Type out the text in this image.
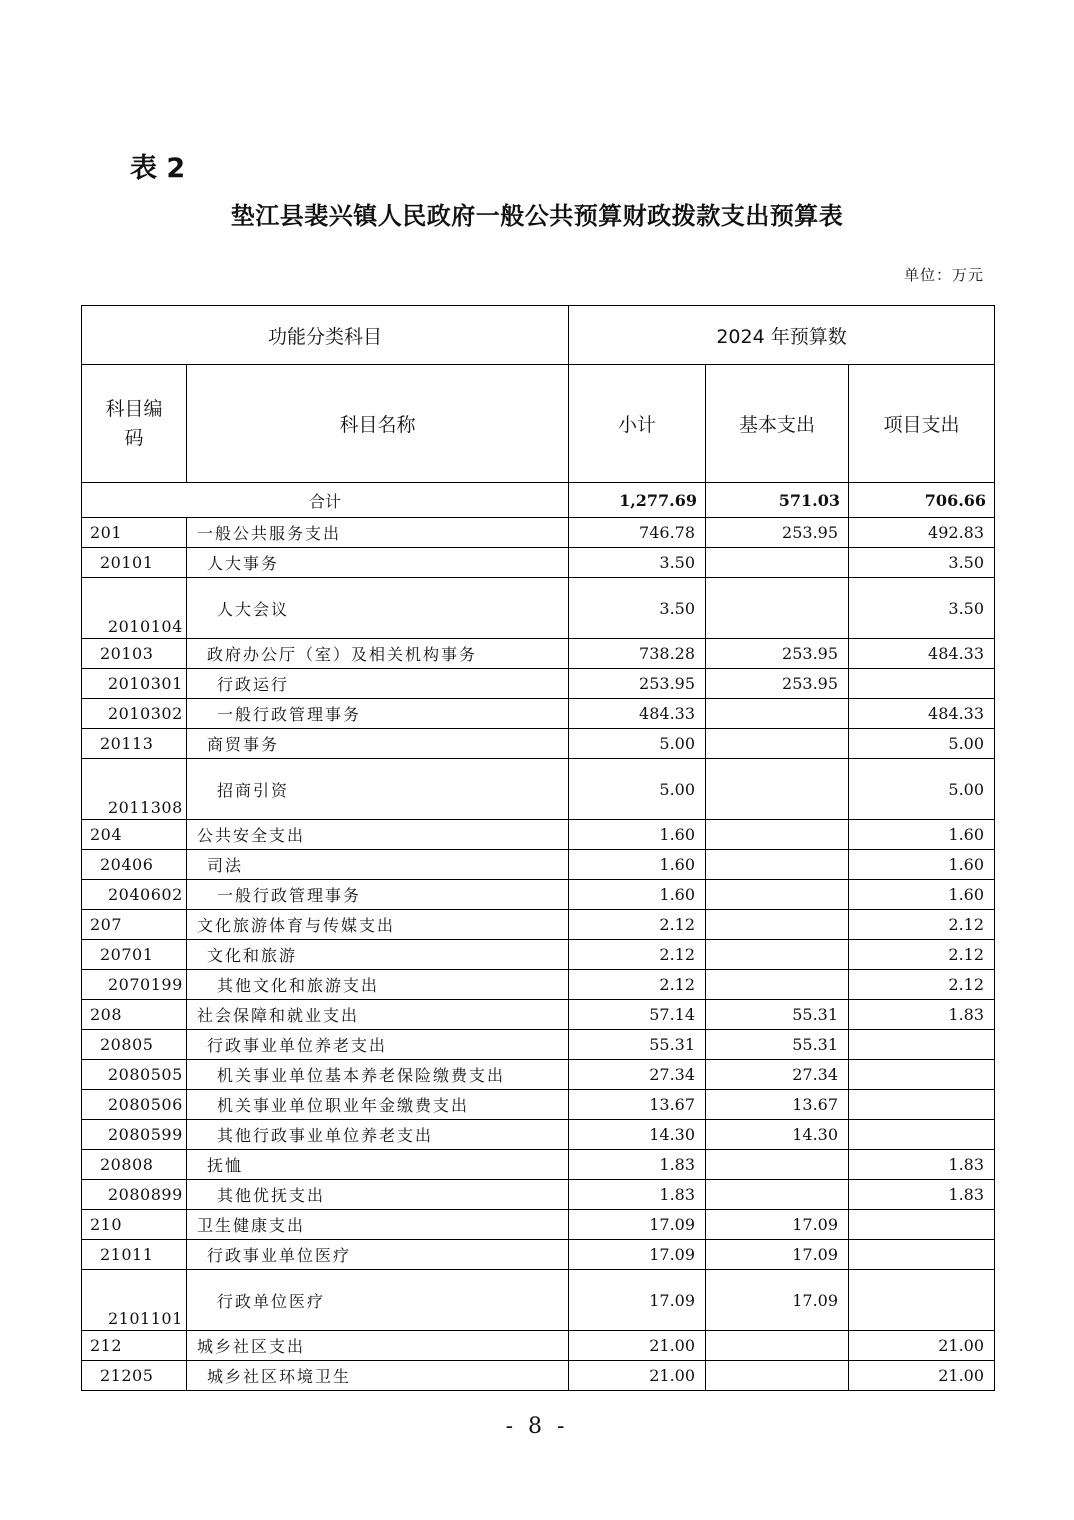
表 2
垫江县裴兴镇人民政府一般公共预算财政拨款支出预算表
单位：万元
功能分类科目		2024 年预算数		
科目编码	科目名称	小计	基本支出	项目支出
合计		1,277.69	571.03	706.66
201	一般公共服务支出	746.78	253.95	492.83
20101	人大事务	3.50		3.50
2010104	人大会议	3.50		3.50
20103	政府办公厅（室）及相关机构事务	738.28	253.95	484.33
2010301	行政运行	253.95	253.95	
2010302	一般行政管理事务	484.33		484.33
20113	商贸事务	5.00		5.00
2011308	招商引资	5.00		5.00
204	公共安全支出	1.60		1.60
20406	司法	1.60		1.60
2040602	一般行政管理事务	1.60		1.60
207	文化旅游体育与传媒支出	2.12		2.12
20701	文化和旅游	2.12		2.12
2070199	其他文化和旅游支出	2.12		2.12
208	社会保障和就业支出	57.14	55.31	1.83
20805	行政事业单位养老支出	55.31	55.31	
2080505	机关事业单位基本养老保险缴费支出	27.34	27.34	
2080506	机关事业单位职业年金缴费支出	13.67	13.67	
2080599	其他行政事业单位养老支出	14.30	14.30	
20808	抚恤	1.83		1.83
2080899	其他优抚支出	1.83		1.83
210	卫生健康支出	17.09	17.09	
21011	行政事业单位医疗	17.09	17.09	
2101101	行政单位医疗	17.09	17.09	
212	城乡社区支出	21.00		21.00
21205	城乡社区环境卫生	21.00		21.00
- 8 -
